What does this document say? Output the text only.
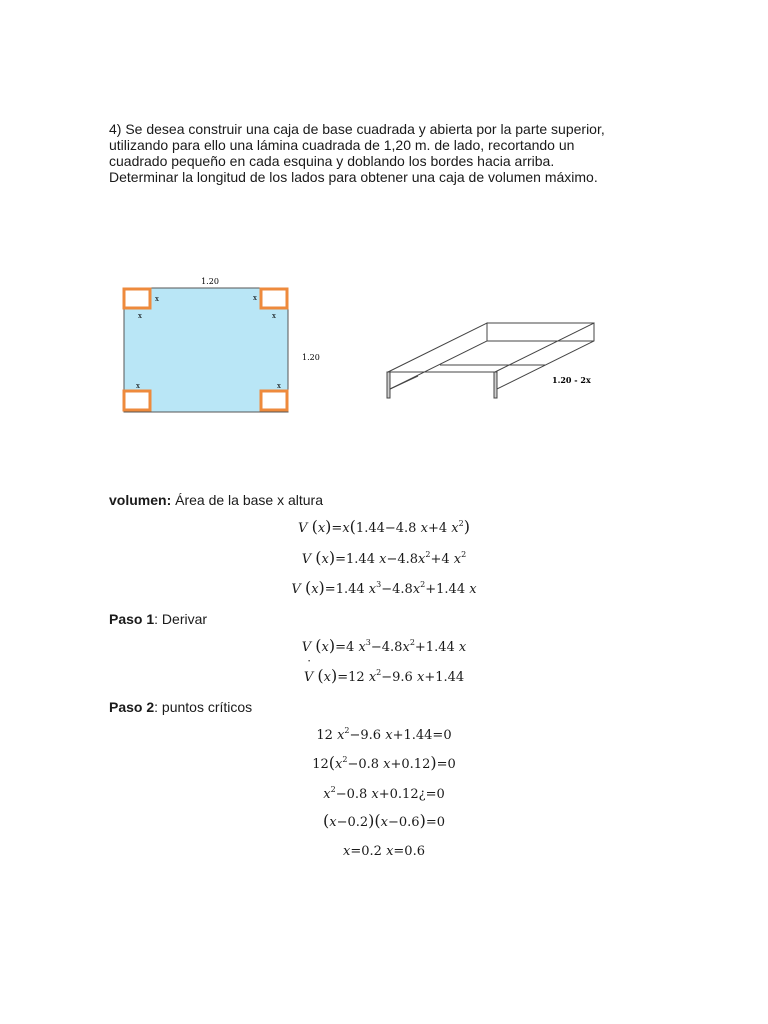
4) Se desea construir una caja de base cuadrada y abierta por la parte superior,
utilizando para ello una lámina cuadrada de 1,20 m. de lado, recortando un
cuadrado pequeño en cada esquina y doblando los bordes hacia arriba.
Determinar la longitud de los lados para obtener una caja de volumen máximo.
1.20
1.20
x
x
x
x
x	x
1.20 - 2x
volumen: Área de la base x altura
V (x)=x(1.44−4.8 x+4 $x^2$)
V (x)=1.44 $x-4.8x^2+4$ $x^2$
V (x)=1.44 $x^3-4.8x^2+1.44$ x
Paso 1: Derivar
V (x)=4 $x^3-4.8x^2+1.44$ x
˙ V (x)=12 $x^2-9.6$ x+1.44
Paso 2: puntos críticos
12 $x^2-9.6$ x+1.44=0
$12(x^2-0.8$ x+0.12)=0
$x^2-0.8$ x+0.12¿=0
(x−0.2)(x−0.6)=0
x=0.2 x=0.6
